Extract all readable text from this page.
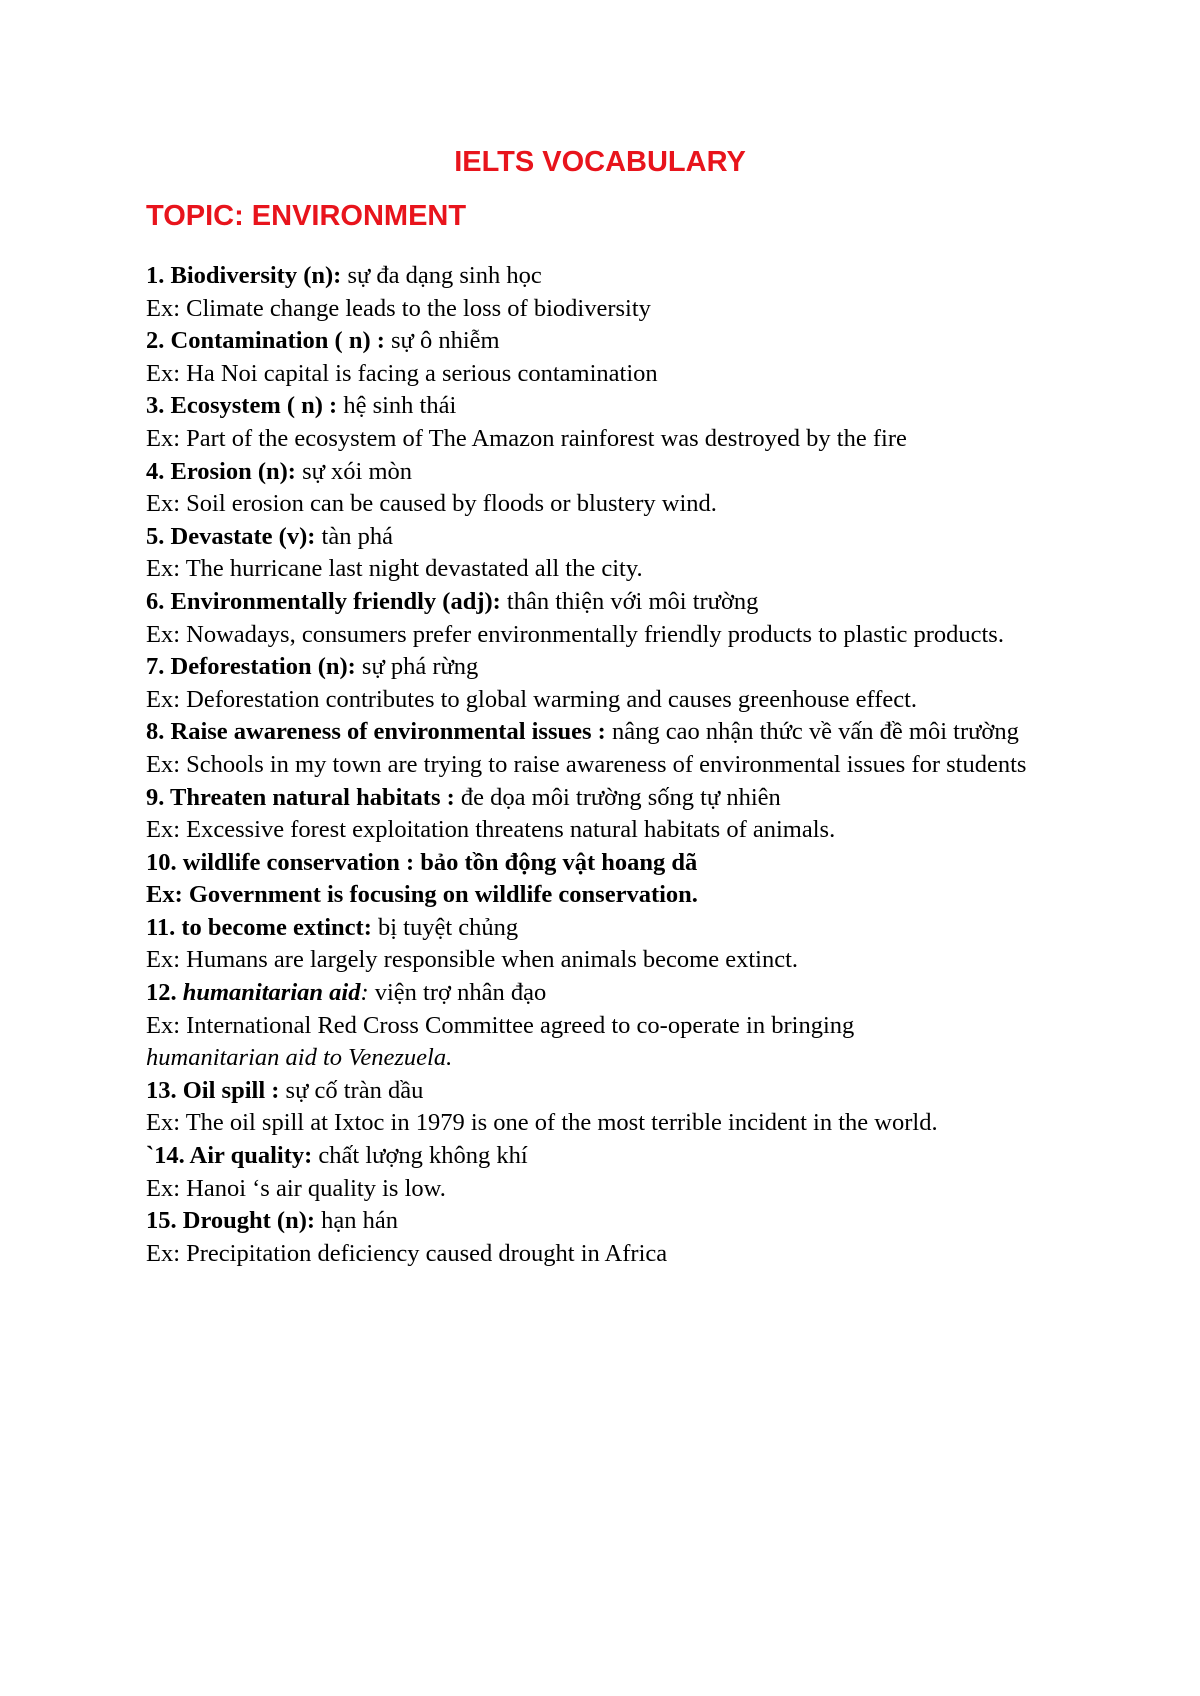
IELTS VOCABULARY
TOPIC: ENVIRONMENT

1. Biodiversity (n): sự đa dạng sinh học

Ex: Climate change leads to the loss of biodiversity

2. Contamination ( n) : sự ô nhiễm

Ex: Ha Noi capital is facing a serious contamination

3. Ecosystem ( n) : hệ sinh thái

Ex: Part of the ecosystem of The Amazon rainforest was destroyed by the fire

4. Erosion (n): sự xói mòn

Ex: Soil erosion can be caused by floods or blustery wind.

5. Devastate (v): tàn phá

Ex: The hurricane last night devastated all the city.

6. Environmentally friendly (adj): thân thiện với môi trường

Ex: Nowadays, consumers prefer environmentally friendly products to plastic products.

7. Deforestation (n): sự phá rừng

Ex: Deforestation contributes to global warming and causes greenhouse effect.

8. Raise awareness of environmental issues : nâng cao nhận thức về vấn đề môi trường

Ex: Schools in my town are trying to raise awareness of environmental issues for students

9. Threaten natural habitats : đe dọa môi trường sống tự nhiên

Ex: Excessive forest exploitation threatens natural habitats of animals.

10. wildlife conservation : bảo tồn động vật hoang dã

Ex: Government is focusing on wildlife conservation.

11. to become extinct: bị tuyệt chủng

Ex: Humans are largely responsible when animals become extinct.

12. humanitarian aid: viện trợ nhân đạo

Ex: International Red Cross Committee agreed to co-operate in bringing

humanitarian aid to Venezuela.

13. Oil spill : sự cố tràn dầu

Ex: The oil spill at Ixtoc in 1979 is one of the most terrible incident in the world.

`14. Air quality: chất lượng không khí

Ex: Hanoi ‘s air quality is low.

15. Drought (n): hạn hán

Ex: Precipitation deficiency caused drought in Africa
